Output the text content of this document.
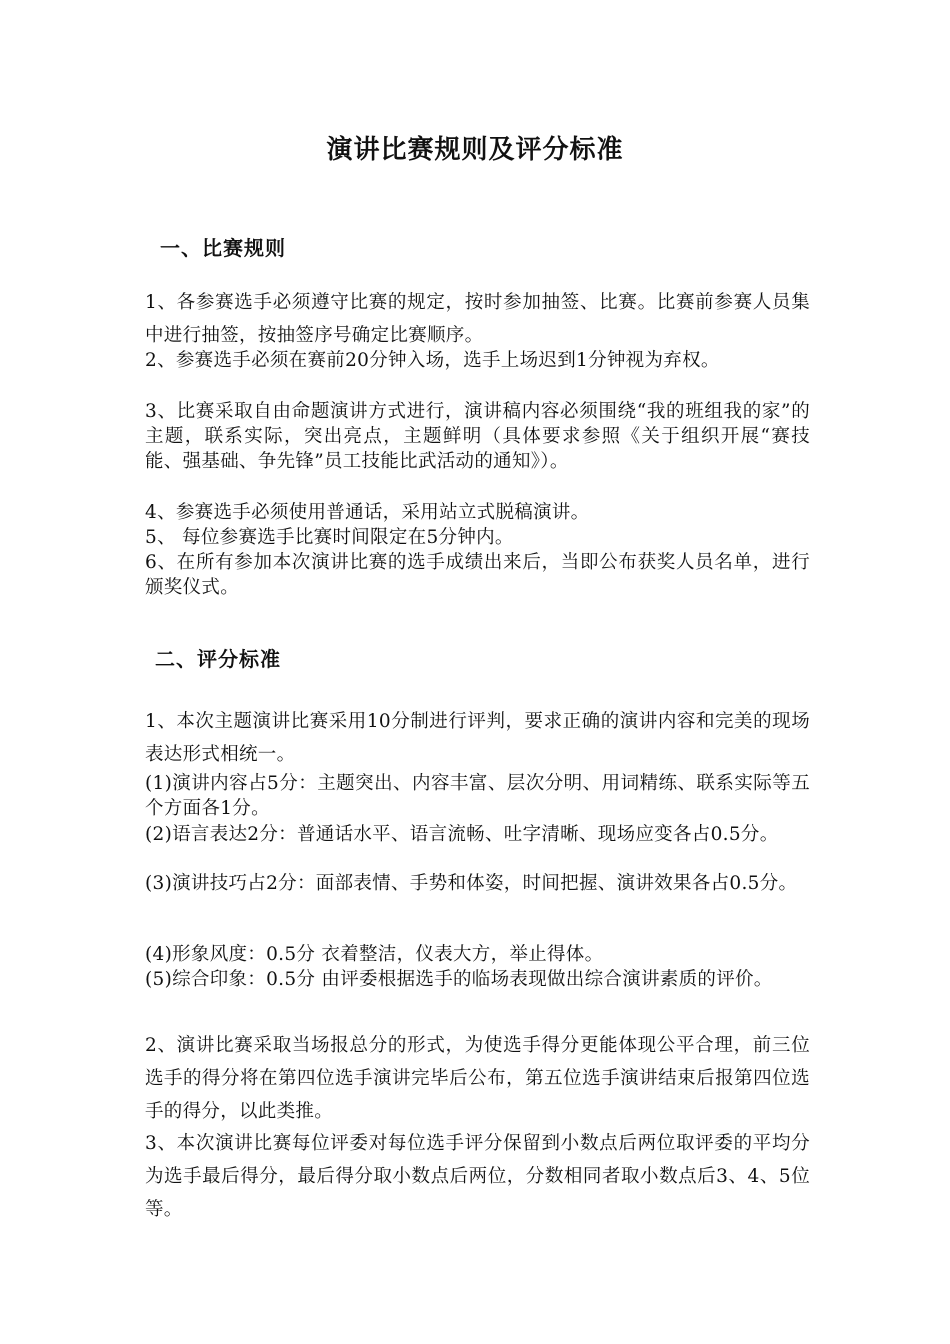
演讲比赛规则及评分标准
一、比赛规则
1、各参赛选手必须遵守比赛的规定，按时参加抽签、比赛。比赛前参赛人员集中进行抽签，按抽签序号确定比赛顺序。
2、参赛选手必须在赛前20分钟入场，选手上场迟到1分钟视为弃权。
3、比赛采取自由命题演讲方式进行，演讲稿内容必须围绕“我的班组我的家”的主题，联系实际，突出亮点，主题鲜明（具体要求参照《关于组织开展“赛技能、强基础、争先锋”员工技能比武活动的通知》）。
4、参赛选手必须使用普通话，采用站立式脱稿演讲。
5、 每位参赛选手比赛时间限定在5分钟内。
6、在所有参加本次演讲比赛的选手成绩出来后，当即公布获奖人员名单，进行颁奖仪式。
二、评分标准
1、本次主题演讲比赛采用10分制进行评判，要求正确的演讲内容和完美的现场表达形式相统一。
(1)演讲内容占5分：主题突出、内容丰富、层次分明、用词精练、联系实际等五个方面各1分。
(2)语言表达2分：普通话水平、语言流畅、吐字清晰、现场应变各占0.5分。
(3)演讲技巧占2分：面部表情、手势和体姿，时间把握、演讲效果各占0.5分。
(4)形象风度：0.5分 衣着整洁，仪表大方，举止得体。
(5)综合印象：0.5分 由评委根据选手的临场表现做出综合演讲素质的评价。
2、演讲比赛采取当场报总分的形式，为使选手得分更能体现公平合理，前三位选手的得分将在第四位选手演讲完毕后公布，第五位选手演讲结束后报第四位选手的得分，以此类推。
3、本次演讲比赛每位评委对每位选手评分保留到小数点后两位取评委的平均分为选手最后得分，最后得分取小数点后两位，分数相同者取小数点后3、4、5位等。
